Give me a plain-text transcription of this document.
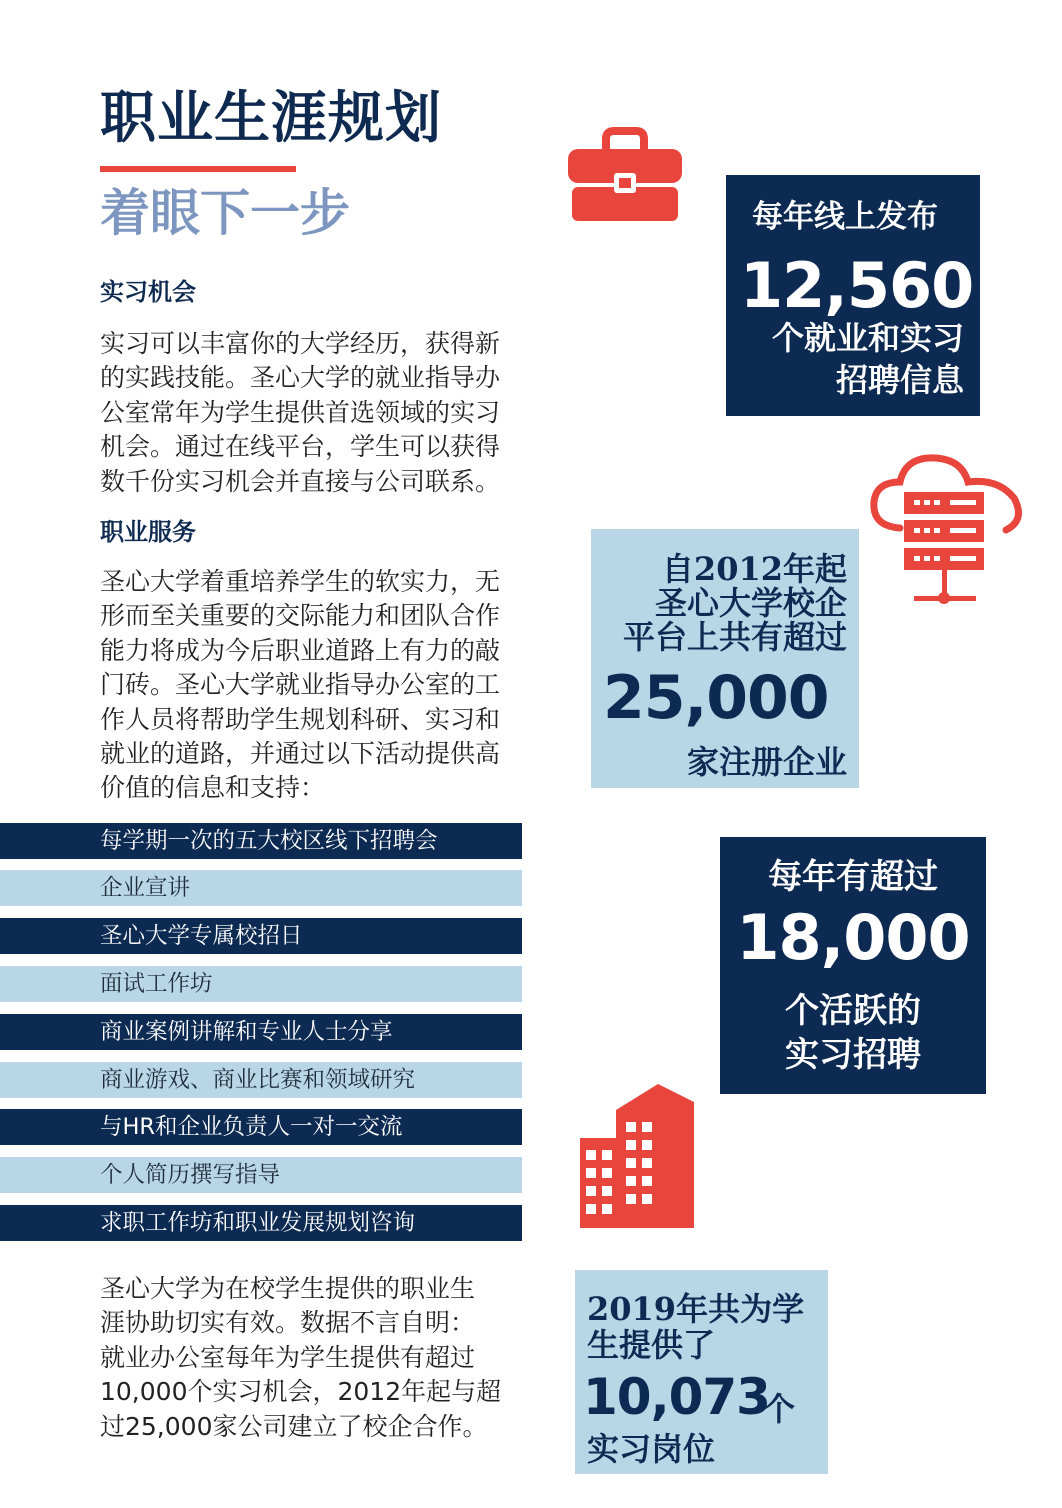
职业生涯规划
着眼下一步
实习机会
实习可以丰富你的大学经历，获得新
的实践技能。圣心大学的就业指导办
公室常年为学生提供首选领域的实习
机会。通过在线平台，学生可以获得
数千份实习机会并直接与公司联系。
职业服务
圣心大学着重培养学生的软实力，无
形而至关重要的交际能力和团队合作
能力将成为今后职业道路上有力的敲
门砖。圣心大学就业指导办公室的工
作人员将帮助学生规划科研、实习和
就业的道路，并通过以下活动提供高
价值的信息和支持：
每学期一次的五大校区线下招聘会
企业宣讲
圣心大学专属校招日
面试工作坊
商业案例讲解和专业人士分享
商业游戏、商业比赛和领域研究
与HR和企业负责人一对一交流
个人简历撰写指导
求职工作坊和职业发展规划咨询
圣心大学为在校学生提供的职业生
涯协助切实有效。数据不言自明：
就业办公室每年为学生提供有超过
10,000个实习机会，2012年起与超
过25,000家公司建立了校企合作。
每年线上发布
12,560
个就业和实习
招聘信息
自2012年起
圣心大学校企
平台上共有超过
25,000
家注册企业
每年有超过
18,000
个活跃的
实习招聘
2019年共为学
生提供了
10,073
个
实习岗位
